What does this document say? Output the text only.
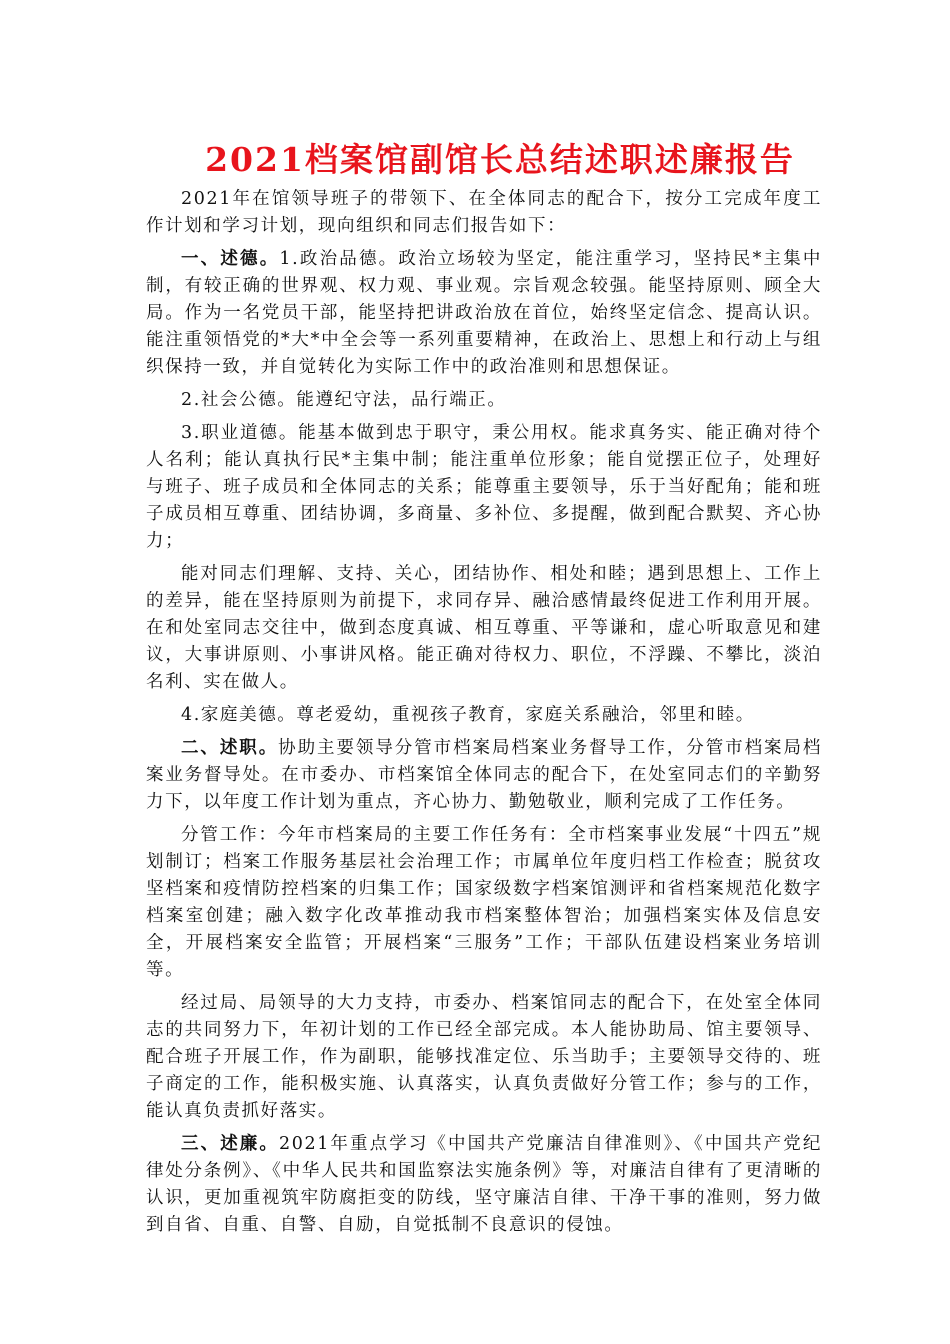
2021档案馆副馆长总结述职述廉报告

2021年在馆领导班子的带领下、在全体同志的配合下，按分工完成年度工作计划和学习计划，现向组织和同志们报告如下：

一、述德。1.政治品德。政治立场较为坚定，能注重学习，坚持民*主集中制，有较正确的世界观、权力观、事业观。宗旨观念较强。能坚持原则、顾全大局。作为一名党员干部，能坚持把讲政治放在首位，始终坚定信念、提高认识。能注重领悟党的*大*中全会等一系列重要精神，在政治上、思想上和行动上与组织保持一致，并自觉转化为实际工作中的政治准则和思想保证。

2.社会公德。能遵纪守法，品行端正。

3.职业道德。能基本做到忠于职守，秉公用权。能求真务实、能正确对待个人名利；能认真执行民*主集中制；能注重单位形象；能自觉摆正位子，处理好与班子、班子成员和全体同志的关系；能尊重主要领导，乐于当好配角；能和班子成员相互尊重、团结协调，多商量、多补位、多提醒，做到配合默契、齐心协力；

能对同志们理解、支持、关心，团结协作、相处和睦；遇到思想上、工作上的差异，能在坚持原则为前提下，求同存异、融洽感情最终促进工作利用开展。在和处室同志交往中，做到态度真诚、相互尊重、平等谦和，虚心听取意见和建议，大事讲原则、小事讲风格。能正确对待权力、职位，不浮躁、不攀比，淡泊名利、实在做人。

4.家庭美德。尊老爱幼，重视孩子教育，家庭关系融洽，邻里和睦。

二、述职。协助主要领导分管市档案局档案业务督导工作，分管市档案局档案业务督导处。在市委办、市档案馆全体同志的配合下，在处室同志们的辛勤努力下，以年度工作计划为重点，齐心协力、勤勉敬业，顺利完成了工作任务。

分管工作：今年市档案局的主要工作任务有：全市档案事业发展“十四五”规划制订；档案工作服务基层社会治理工作；市属单位年度归档工作检查；脱贫攻坚档案和疫情防控档案的归集工作；国家级数字档案馆测评和省档案规范化数字档案室创建；融入数字化改革推动我市档案整体智治；加强档案实体及信息安全，开展档案安全监管；开展档案“三服务”工作；干部队伍建设档案业务培训等。

经过局、局领导的大力支持，市委办、档案馆同志的配合下，在处室全体同志的共同努力下，年初计划的工作已经全部完成。本人能协助局、馆主要领导、配合班子开展工作，作为副职，能够找准定位、乐当助手；主要领导交待的、班子商定的工作，能积极实施、认真落实，认真负责做好分管工作；参与的工作，能认真负责抓好落实。

三、述廉。2021年重点学习《中国共产党廉洁自律准则》、《中国共产党纪律处分条例》、《中华人民共和国监察法实施条例》等，对廉洁自律有了更清晰的认识，更加重视筑牢防腐拒变的防线，坚守廉洁自律、干净干事的准则，努力做到自省、自重、自警、自励，自觉抵制不良意识的侵蚀。
